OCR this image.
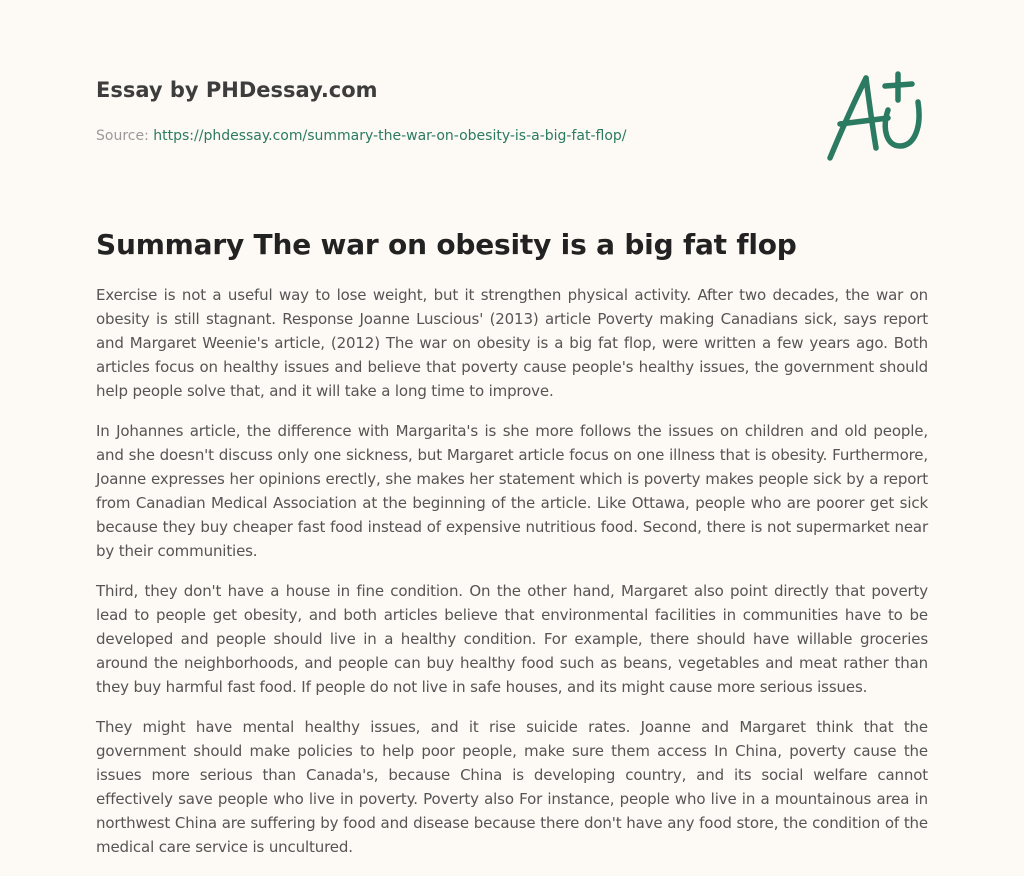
Essay by PHDessay.com
Source: https://phdessay.com/summary-the-war-on-obesity-is-a-big-fat-flop/
Summary The war on obesity is a big fat flop

Exercise is not a useful way to lose weight, but it strengthen physical activity. After two decades, the war on obesity is still stagnant. Response Joanne Luscious' (2013) article Poverty making Canadians sick, says report and Margaret Weenie's article, (2012) The war on obesity is a big fat flop, were written a few years ago. Both articles focus on healthy issues and believe that poverty cause people's healthy issues, the government should help people solve that, and it will take a long time to improve.

In Johannes article, the difference with Margarita's is she more follows the issues on children and old people, and she doesn't discuss only one sickness, but Margaret article focus on one illness that is obesity. Furthermore, Joanne expresses her opinions erectly, she makes her statement which is poverty makes people sick by a report from Canadian Medical Association at the beginning of the article. Like Ottawa, people who are poorer get sick because they buy cheaper fast food instead of expensive nutritious food. Second, there is not supermarket near by their communities.

Third, they don't have a house in fine condition. On the other hand, Margaret also point directly that poverty lead to people get obesity, and both articles believe that environmental facilities in communities have to be developed and people should live in a healthy condition. For example, there should have willable groceries around the neighborhoods, and people can buy healthy food such as beans, vegetables and meat rather than they buy harmful fast food. If people do not live in safe houses, and its might cause more serious issues.

They might have mental healthy issues, and it rise suicide rates. Joanne and Margaret think that the government should make policies to help poor people, make sure them access In China, poverty cause the issues more serious than Canada's, because China is developing country, and its social welfare cannot effectively save people who live in poverty. Poverty also For instance, people who live in a mountainous area in northwest China are suffering by food and disease because there don't have any food store, the condition of the medical care service is uncultured.
